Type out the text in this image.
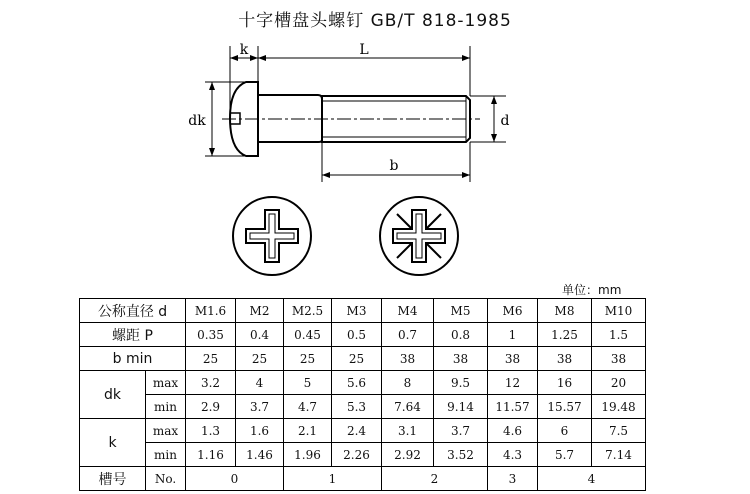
十字槽盘头螺钉 GB/T 818-1985
k	L
dk	d
b
单位：mm
公称直径 d		M1.6	M2	M2.5	M3	M4	M5	M6	M8	M10
螺距 P		0.35	0.4	0.45	0.5	0.7	0.8	1	1.25	1.5
b min		25	25	25	25	38	38	38	38	38
dk	max	3.2	4	5	5.6	8	9.5	12	16	20
	min	2.9	3.7	4.7	5.3	7.64	9.14	11.57	15.57	19.48
k	max	1.3	1.6	2.1	2.4	3.1	3.7	4.6	6	7.5
	min	1.16	1.46	1.96	2.26	2.92	3.52	4.3	5.7	7.14
槽号	No.	0		1		2		3	4	
